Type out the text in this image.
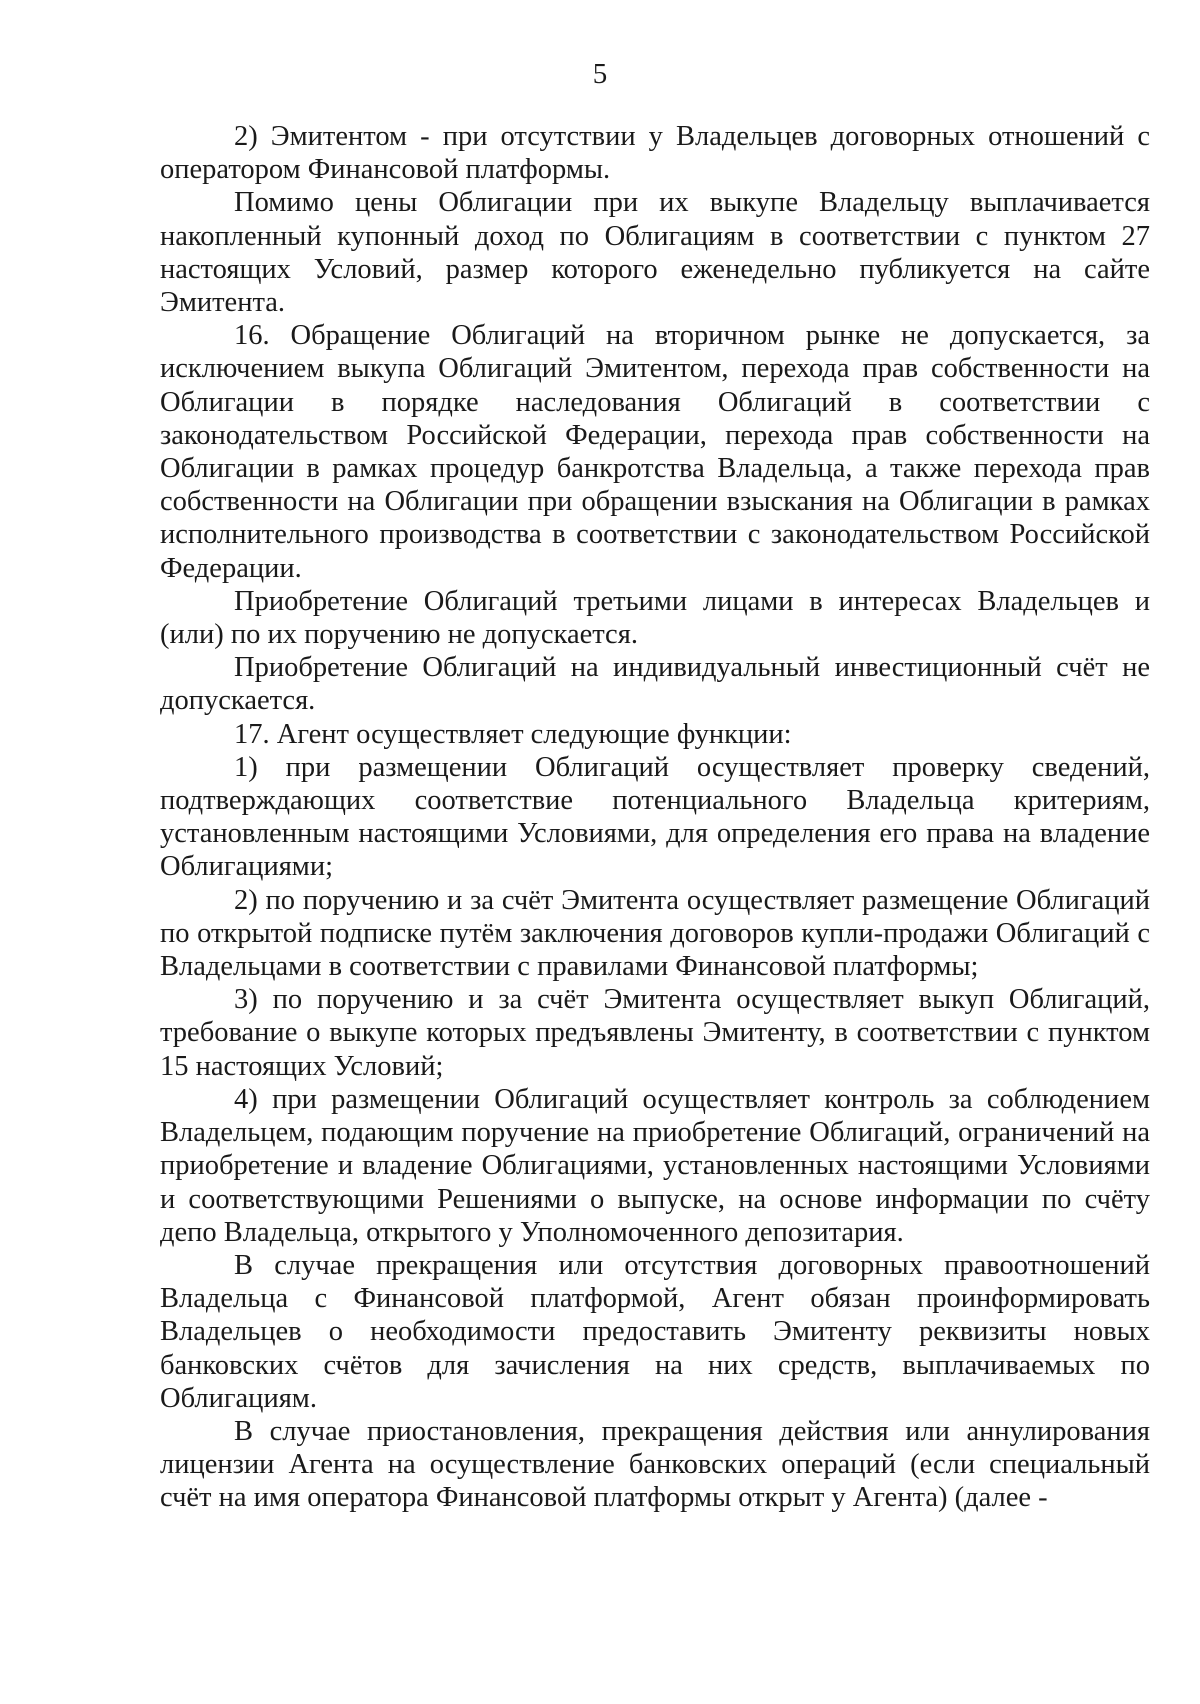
5

2) Эмитентом - при отсутствии у Владельцев договорных отношений с оператором Финансовой платформы.

Помимо цены Облигации при их выкупе Владельцу выплачивается накопленный купонный доход по Облигациям в соответствии с пунктом 27 настоящих Условий, размер которого еженедельно публикуется на сайте Эмитента.

16. Обращение Облигаций на вторичном рынке не допускается, за исключением выкупа Облигаций Эмитентом, перехода прав собственности на Облигации в порядке наследования Облигаций в соответствии с законодательством Российской Федерации, перехода прав собственности на Облигации в рамках процедур банкротства Владельца, а также перехода прав собственности на Облигации при обращении взыскания на Облигации в рамках исполнительного производства в соответствии с законодательством Российской Федерации.

Приобретение Облигаций третьими лицами в интересах Владельцев и (или) по их поручению не допускается.

Приобретение Облигаций на индивидуальный инвестиционный счёт не допускается.

17. Агент осуществляет следующие функции:

1) при размещении Облигаций осуществляет проверку сведений, подтверждающих соответствие потенциального Владельца критериям, установленным настоящими Условиями, для определения его права на владение Облигациями;

2) по поручению и за счёт Эмитента осуществляет размещение Облигаций по открытой подписке путём заключения договоров купли-продажи Облигаций с Владельцами в соответствии с правилами Финансовой платформы;

3) по поручению и за счёт Эмитента осуществляет выкуп Облигаций, требование о выкупе которых предъявлены Эмитенту, в соответствии с пунктом 15 настоящих Условий;

4) при размещении Облигаций осуществляет контроль за соблюдением Владельцем, подающим поручение на приобретение Облигаций, ограничений на приобретение и владение Облигациями, установленных настоящими Условиями и соответствующими Решениями о выпуске, на основе информации по счёту депо Владельца, открытого у Уполномоченного депозитария.

В случае прекращения или отсутствия договорных правоотношений Владельца с Финансовой платформой, Агент обязан проинформировать Владельцев о необходимости предоставить Эмитенту реквизиты новых банковских счётов для зачисления на них средств, выплачиваемых по Облигациям.

В случае приостановления, прекращения действия или аннулирования лицензии Агента на осуществление банковских операций (если специальный счёт на имя оператора Финансовой платформы открыт у Агента) (далее -
